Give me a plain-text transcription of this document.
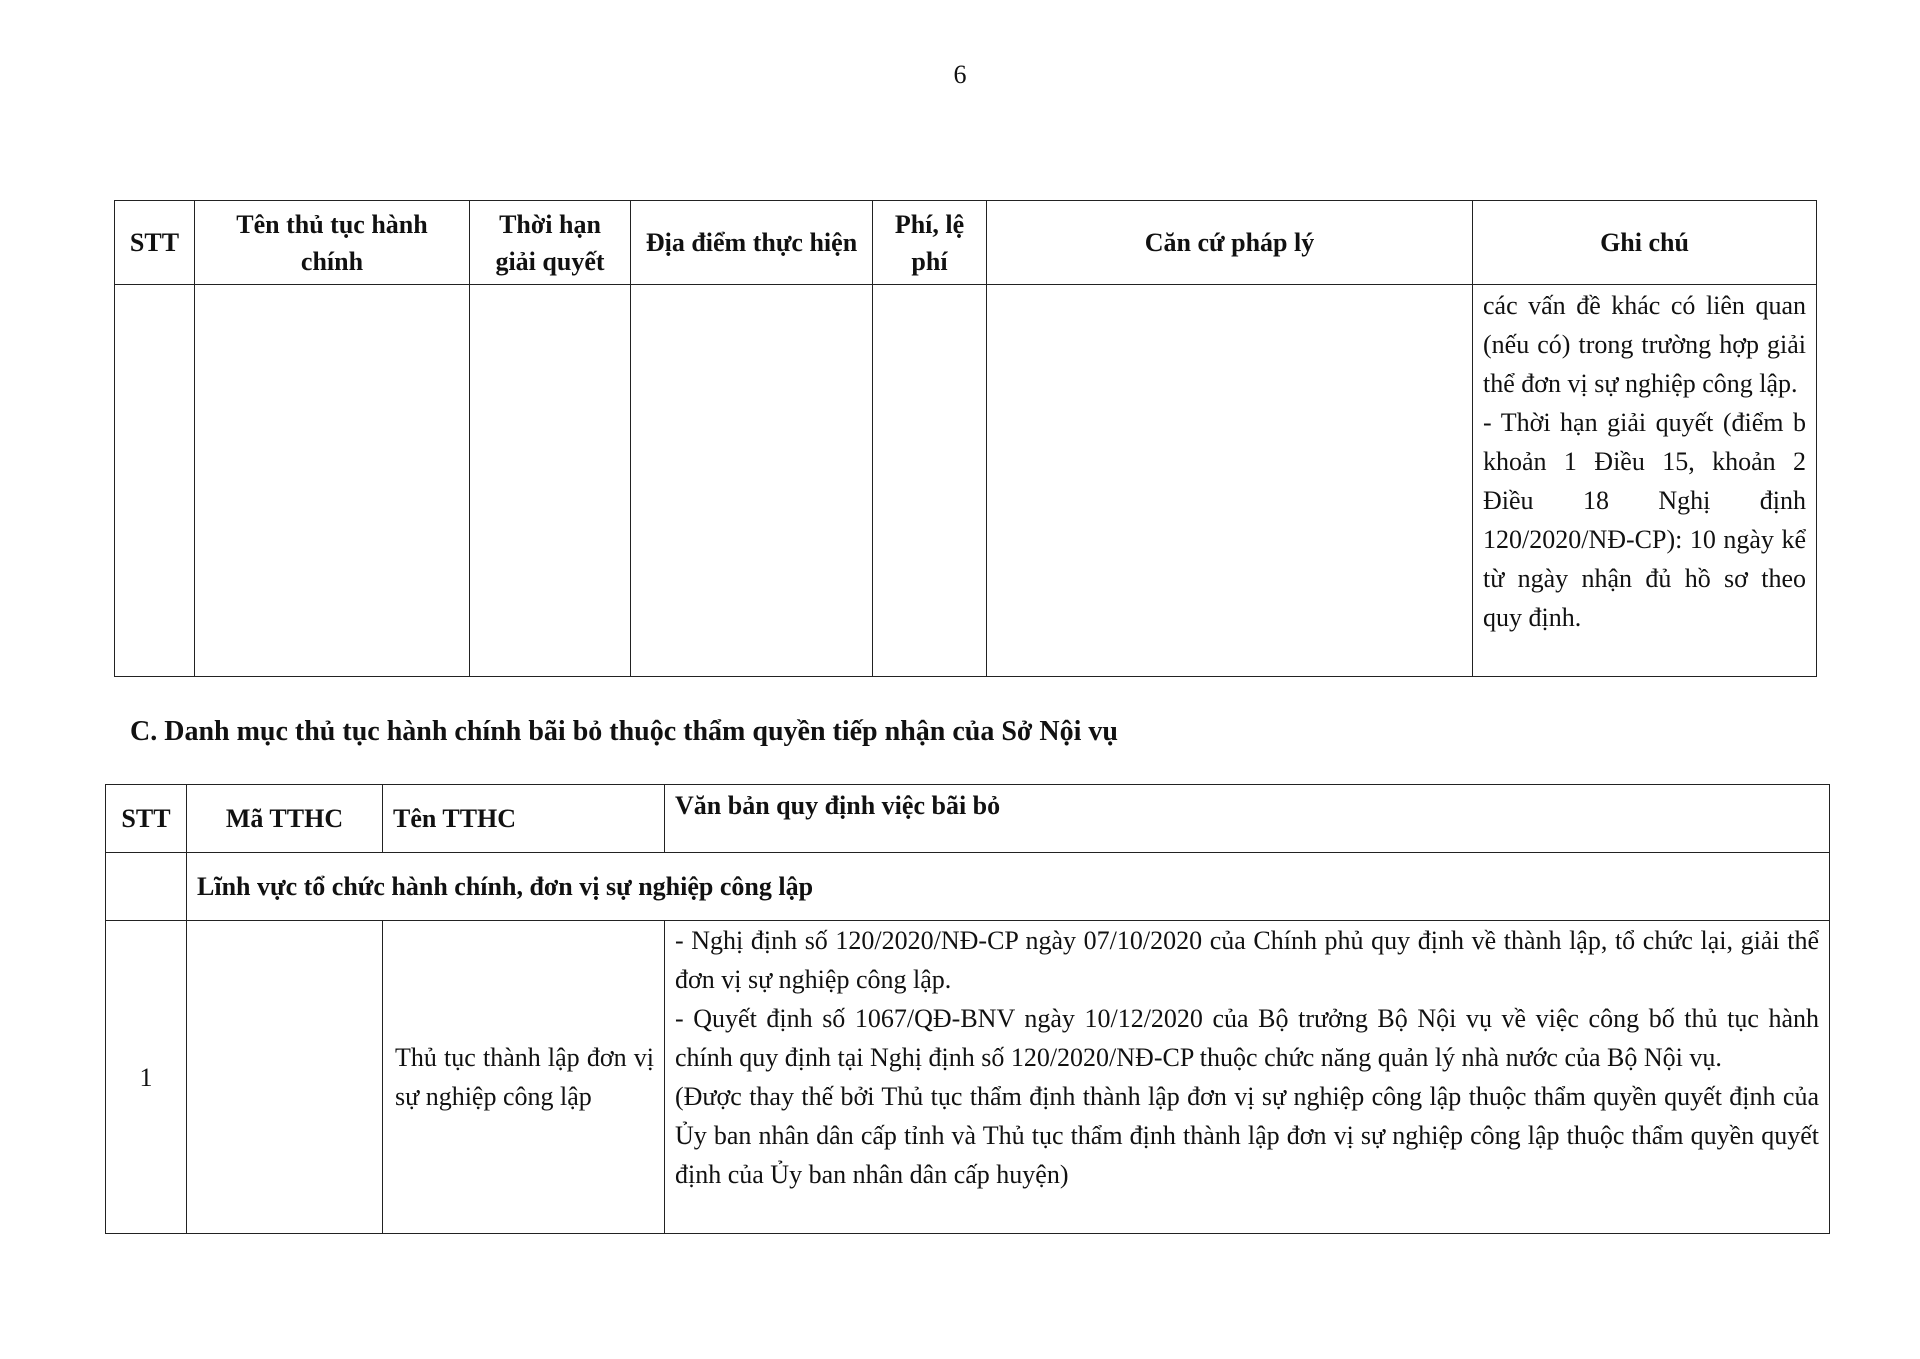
6
STT	Tên thủ tục hành chính	Thời hạn giải quyết	Địa điểm thực hiện	Phí, lệ phí	Căn cứ pháp lý	Ghi chú

						các vấn đề khác có liên quan (nếu có) trong trường hợp giải thể đơn vị sự nghiệp công lập.
- Thời hạn giải quyết (điểm b khoản 1 Điều 15, khoản 2 Điều 18 Nghị định 120/2020/NĐ-CP): 10 ngày kể từ ngày nhận đủ hồ sơ theo quy định.
C. Danh mục thủ tục hành chính bãi bỏ thuộc thẩm quyền tiếp nhận của Sở Nội vụ
STT	Mã TTHC	Tên TTHC	Văn bản quy định việc bãi bỏ
	Lĩnh vực tổ chức hành chính, đơn vị sự nghiệp công lập		
1		Thủ tục thành lập đơn vị sự nghiệp công lập	- Nghị định số 120/2020/NĐ-CP ngày 07/10/2020 của Chính phủ quy định về thành lập, tổ chức lại, giải thể đơn vị sự nghiệp công lập.
- Quyết định số 1067/QĐ-BNV ngày 10/12/2020 của Bộ trưởng Bộ Nội vụ về việc công bố thủ tục hành chính quy định tại Nghị định số 120/2020/NĐ-CP thuộc chức năng quản lý nhà nước của Bộ Nội vụ.
(Được thay thế bởi Thủ tục thẩm định thành lập đơn vị sự nghiệp công lập thuộc thẩm quyền quyết định của Ủy ban nhân dân cấp tỉnh và Thủ tục thẩm định thành lập đơn vị sự nghiệp công lập thuộc thẩm quyền quyết định của Ủy ban nhân dân cấp huyện)
